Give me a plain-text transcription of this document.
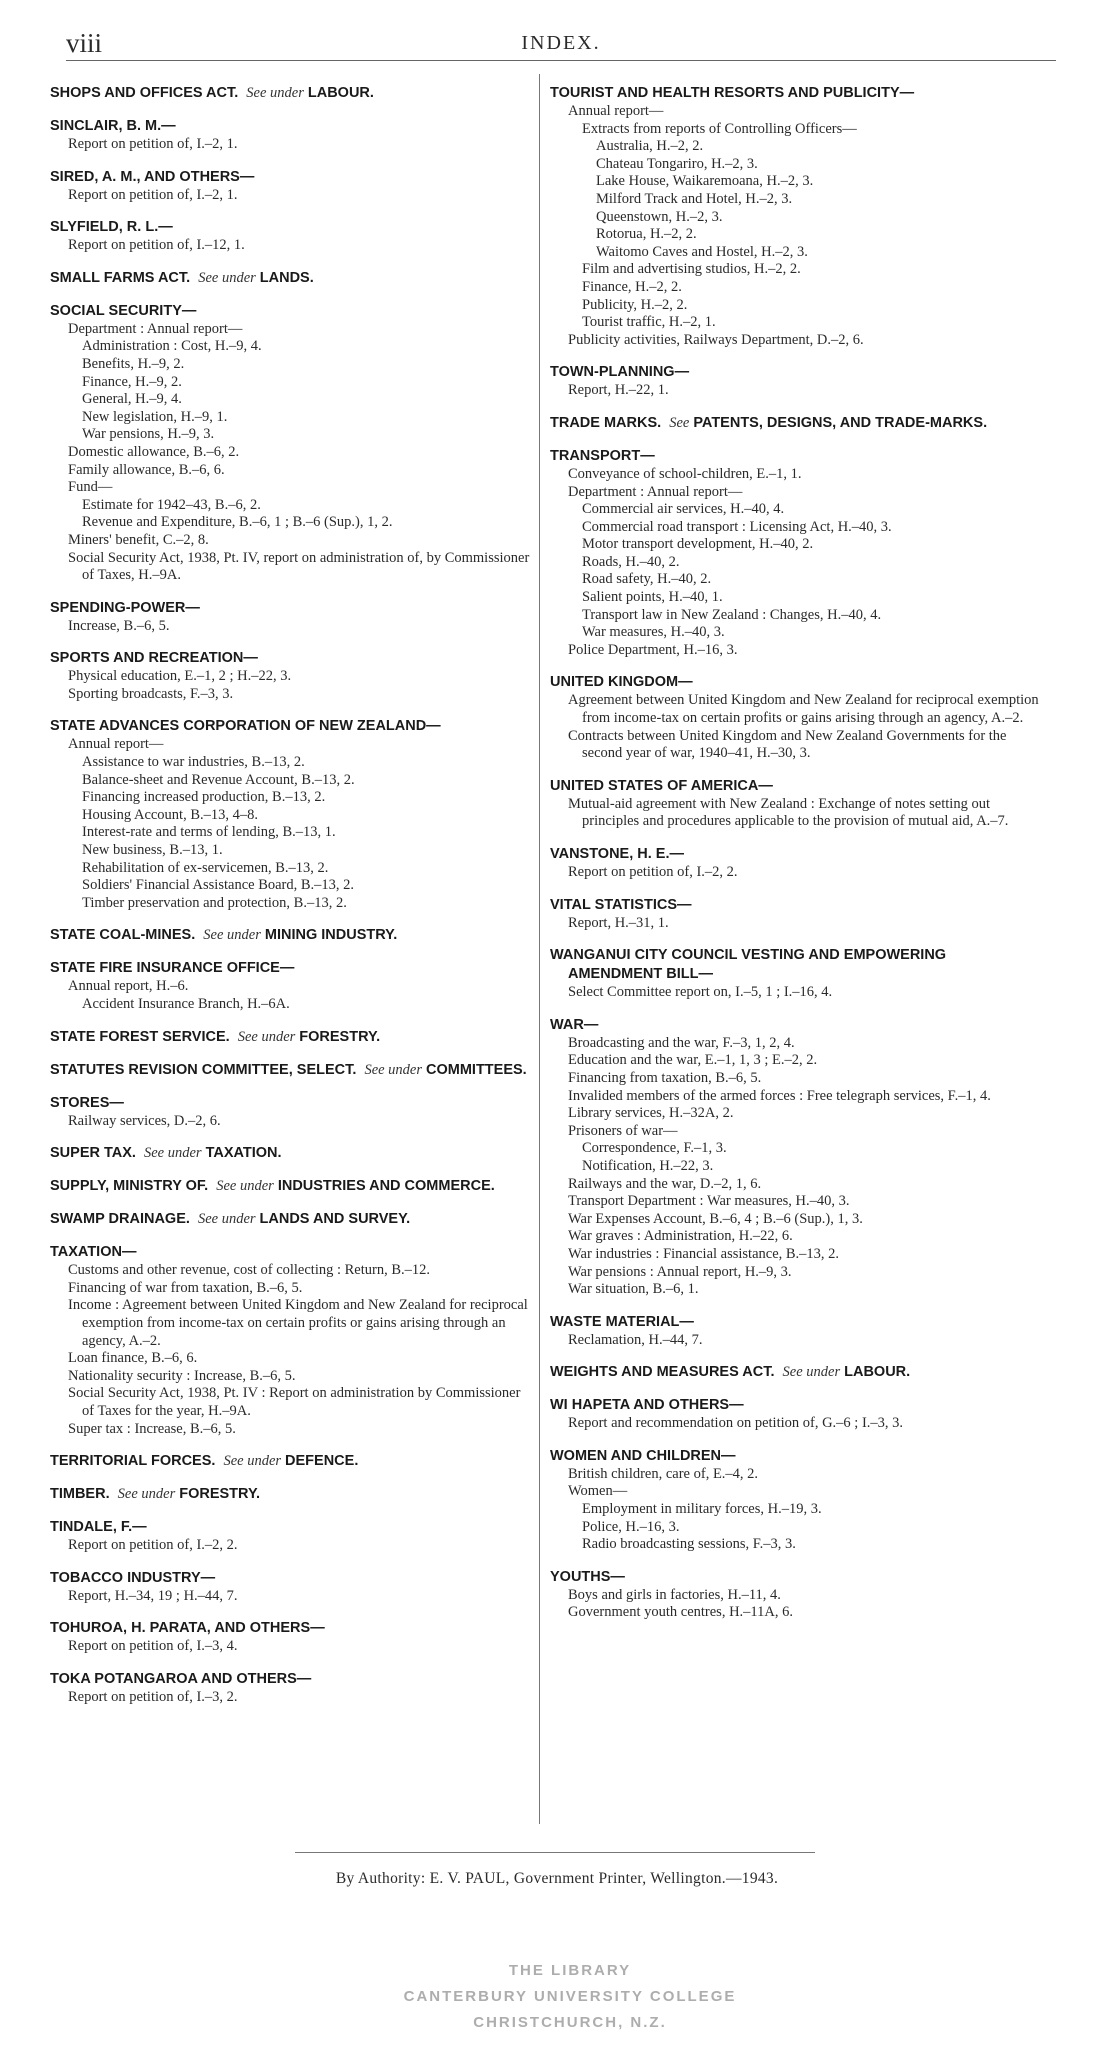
viii	INDEX.
SHOPS AND OFFICES ACT. See under LABOUR.
SINCLAIR, B. M.—
Report on petition of, I.–2, 1.
SIRED, A. M., AND OTHERS—
Report on petition of, I.–2, 1.
SLYFIELD, R. L.—
Report on petition of, I.–12, 1.
SMALL FARMS ACT. See under LANDS.
SOCIAL SECURITY—
Department : Annual report—
Administration : Cost, H.–9, 4.
Benefits, H.–9, 2.
Finance, H.–9, 2.
General, H.–9, 4.
New legislation, H.–9, 1.
War pensions, H.–9, 3.
Domestic allowance, B.–6, 2.
Family allowance, B.–6, 6.
Fund—
Estimate for 1942–43, B.–6, 2.
Revenue and Expenditure, B.–6, 1 ; B.–6 (Sup.), 1, 2.
Miners' benefit, C.–2, 8.
Social Security Act, 1938, Pt. IV, report on administration of, by Commissioner of Taxes, H.–9A.
SPENDING-POWER—
Increase, B.–6, 5.
SPORTS AND RECREATION—
Physical education, E.–1, 2 ; H.–22, 3.
Sporting broadcasts, F.–3, 3.
STATE ADVANCES CORPORATION OF NEW ZEALAND—
Annual report—
Assistance to war industries, B.–13, 2.
Balance-sheet and Revenue Account, B.–13, 2.
Financing increased production, B.–13, 2.
Housing Account, B.–13, 4–8.
Interest-rate and terms of lending, B.–13, 1.
New business, B.–13, 1.
Rehabilitation of ex-servicemen, B.–13, 2.
Soldiers' Financial Assistance Board, B.–13, 2.
Timber preservation and protection, B.–13, 2.
STATE COAL-MINES. See under MINING INDUSTRY.
STATE FIRE INSURANCE OFFICE—
Annual report, H.–6.
Accident Insurance Branch, H.–6A.
STATE FOREST SERVICE. See under FORESTRY.
STATUTES REVISION COMMITTEE, SELECT. See under COMMITTEES.
STORES—
Railway services, D.–2, 6.
SUPER TAX. See under TAXATION.
SUPPLY, MINISTRY OF. See under INDUSTRIES AND COMMERCE.
SWAMP DRAINAGE. See under LANDS AND SURVEY.
TAXATION—
Customs and other revenue, cost of collecting : Return, B.–12.
Financing of war from taxation, B.–6, 5.
Income : Agreement between United Kingdom and New Zealand for reciprocal exemption from income-tax on certain profits or gains arising through an agency, A.–2.
Loan finance, B.–6, 6.
Nationality security : Increase, B.–6, 5.
Social Security Act, 1938, Pt. IV : Report on administration by Commissioner of Taxes for the year, H.–9A.
Super tax : Increase, B.–6, 5.
TERRITORIAL FORCES. See under DEFENCE.
TIMBER. See under FORESTRY.
TINDALE, F.—
Report on petition of, I.–2, 2.
TOBACCO INDUSTRY—
Report, H.–34, 19 ; H.–44, 7.
TOHUROA, H. PARATA, AND OTHERS—
Report on petition of, I.–3, 4.
TOKA POTANGAROA AND OTHERS—
Report on petition of, I.–3, 2.
TOURIST AND HEALTH RESORTS AND PUBLICITY—
Annual report—
Extracts from reports of Controlling Officers—
Australia, H.–2, 2.
Chateau Tongariro, H.–2, 3.
Lake House, Waikaremoana, H.–2, 3.
Milford Track and Hotel, H.–2, 3.
Queenstown, H.–2, 3.
Rotorua, H.–2, 2.
Waitomo Caves and Hostel, H.–2, 3.
Film and advertising studios, H.–2, 2.
Finance, H.–2, 2.
Publicity, H.–2, 2.
Tourist traffic, H.–2, 1.
Publicity activities, Railways Department, D.–2, 6.
TOWN-PLANNING—
Report, H.–22, 1.
TRADE MARKS. See PATENTS, DESIGNS, AND TRADE-MARKS.
TRANSPORT—
Conveyance of school-children, E.–1, 1.
Department : Annual report—
Commercial air services, H.–40, 4.
Commercial road transport : Licensing Act, H.–40, 3.
Motor transport development, H.–40, 2.
Roads, H.–40, 2.
Road safety, H.–40, 2.
Salient points, H.–40, 1.
Transport law in New Zealand : Changes, H.–40, 4.
War measures, H.–40, 3.
Police Department, H.–16, 3.
UNITED KINGDOM—
Agreement between United Kingdom and New Zealand for reciprocal exemption from income-tax on certain profits or gains arising through an agency, A.–2.
Contracts between United Kingdom and New Zealand Governments for the second year of war, 1940–41, H.–30, 3.
UNITED STATES OF AMERICA—
Mutual-aid agreement with New Zealand : Exchange of notes setting out principles and procedures applicable to the provision of mutual aid, A.–7.
VANSTONE, H. E.—
Report on petition of, I.–2, 2.
VITAL STATISTICS—
Report, H.–31, 1.
WANGANUI CITY COUNCIL VESTING AND EMPOWERING AMENDMENT BILL—
Select Committee report on, I.–5, 1 ; I.–16, 4.
WAR—
Broadcasting and the war, F.–3, 1, 2, 4.
Education and the war, E.–1, 1, 3 ; E.–2, 2.
Financing from taxation, B.–6, 5.
Invalided members of the armed forces : Free telegraph services, F.–1, 4.
Library services, H.–32A, 2.
Prisoners of war—
Correspondence, F.–1, 3.
Notification, H.–22, 3.
Railways and the war, D.–2, 1, 6.
Transport Department : War measures, H.–40, 3.
War Expenses Account, B.–6, 4 ; B.–6 (Sup.), 1, 3.
War graves : Administration, H.–22, 6.
War industries : Financial assistance, B.–13, 2.
War pensions : Annual report, H.–9, 3.
War situation, B.–6, 1.
WASTE MATERIAL—
Reclamation, H.–44, 7.
WEIGHTS AND MEASURES ACT. See under LABOUR.
WI HAPETA AND OTHERS—
Report and recommendation on petition of, G.–6 ; I.–3, 3.
WOMEN AND CHILDREN—
British children, care of, E.–4, 2.
Women—
Employment in military forces, H.–19, 3.
Police, H.–16, 3.
Radio broadcasting sessions, F.–3, 3.
YOUTHS—
Boys and girls in factories, H.–11, 4.
Government youth centres, H.–11A, 6.
By Authority: E. V. PAUL, Government Printer, Wellington.—1943.
THE LIBRARY
CANTERBURY UNIVERSITY COLLEGE
CHRISTCHURCH, N.Z.
